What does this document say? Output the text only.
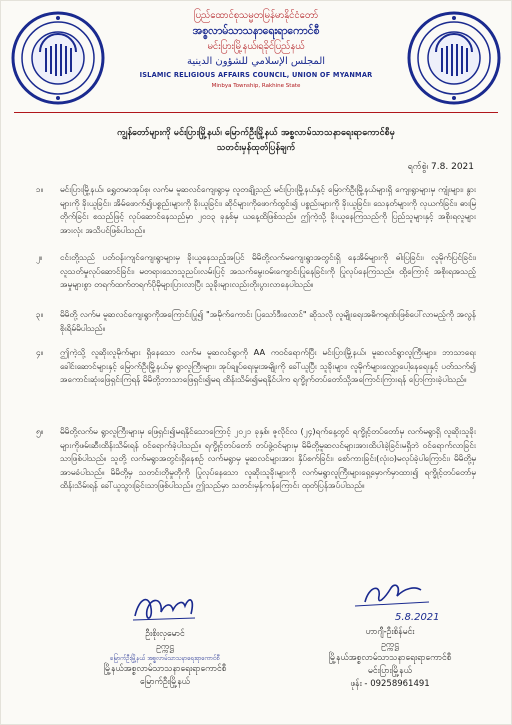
ပြည်ထောင်စုသမ္မတမြန်မာနိုင်ငံတော်
အစ္စလာမ်သာသနာရေးရာကောင်စီ
မင်းပြားမြို့နယ်၊ရခိုင်ပြည်နယ်
المجلس الإسلامي للشؤون الدينية
ISLAMIC RELIGIOUS AFFAIRS COUNCIL, UNION OF MYANMAR
Minbya Township, Rakhine State
ကျွန်တော်များကို မင်းပြားမြို့နယ်၊ မြောက်ဦးမြို့နယ် အစ္စလာမ်သာသနာရေးရာကောင်စီမှ
သတင်းမှန်ထုတ်ပြန်ချက်
ရက်စွဲ၊ 7.8. 2021
၁။ မင်းပြားမြို့နယ်၊ ရွှေတမာအုပ်စု၊ လက်မ မူဆလင်ကျေးရွာမှ လူတချို့သည် မင်းပြားမြို့နယ်နှင့် မြောက်ဦးမြို့နယ်များရှိ ကျေးရွာများမှ ကျုံးများ၊ နွားများကို ခိုးယူခြင်း၊ အိမ်ဖောက်၍ပစ္စည်းများကို ခိုးယူခြင်း၊ ဆိုင်များကိုဖောက်ထွင်း၍ ပစ္စည်းများကို ခိုးယူခြင်း၊ သေနတ်များကို လုယက်ခြင်း၊ ဓားမြတိုက်ခြင်း စသည်ဖြင့် လုပ်ဆောင်နေသည်မှာ ၂၀၁၃ ခုနှစ်မှ ယနေ့ထိဖြစ်သည်။ ဤကဲ့သို့ ခိုးယူနေကြသည်ကို ပြည်သူများနှင့် အစိုးရလူများအားလုံး အသိပင်ဖြစ်ပါသည်။
၂။ ငင်းတို့သည် ပတ်ဝန်းကျင်ကျေးရွာများမှ ခိုးယူနေသည့်အပြင် မိမိတို့လက်မကျေးရွာအတွင်းရှိ နေအိမ်များကို ဓါးပြခြင်း၊ လူမိုက်ပြင်ခြင်း၊ လူသတ်မှုလုပ်ဆောင်ခြင်း၊ မတရားသောသူညပ်းလမ်းပြင့် အသက်မွေးဝမ်းကျောင်းပြုနေခြင်းကို ပြုလုပ်နေကြသည်။ ထို့ကြောင့် အစိုးရအသည့်အမှုများစွာ တရက်ထက်တရက်ပိုမိုများပြားလာပြီး သူခိုးများလည်းတိုးပွားလာနေပါသည်။
၃။ မိမိတို့ လက်မ မူဆလင်ကျေးရွာကိုအကြောင်းပြု၍ "အမိုက်ကောင်း ပြသော်ဒီးလောင်" ဆိုသလို လူမျိုးရေးအဓိကရုဏ်းဖြစ်ပေါ်လာမည့်ကို အလွန်စိုးရိမ်မိပါသည်။
၄။ ဤကဲ့သို့ လူဆိုးလူမိုက်များ ရှိနေသော လက်မ မူဆလင်ရွာကို AA ကဝင်ရောက်ပြီး မင်းပြားမြို့နယ်၊ မူဆလင်ရွာလူကြီးများ၊ ဘာသာရေးခေါင်းဆောင်များနှင့် မြောက်ဦးမြို့နယ်မှ ရွာလူကြီးများ၊ အုပ်ချုပ်ရေးမှုးအမျိုးကို ခေါ်ယူပြီး သူခိုးများ၊ လူမိုက်များလျှော့ပေါ့နေရေးနှင့် ပတ်သက်၍ အကောင်းဆုံးဖြေရှင်းကြရန် မိမိတို့ဘာသာဖြေရှင်း၍မရ ထိန်းသိမ်း၍မရနိုင်ပါက ရက္ခိုက်တပ်တော်သို့အကြောင်းကြားရန် ပြောကြားခဲ့ပါသည်။
၅။ မိမိတို့လက်မ ရွာလူကြီးများမှ ဖြေရှင်း၍မရနိုင်သောကြောင့် ၂၀၂၁ ခုနှစ်၊ ဇူလိုင်လ (၂၄)ရက်နေ့တွင် ရက္ခိုင့်တပ်တော်မှ လက်မရွာရှိ လူဆိုးသူခိုးများကိုဖမ်းဆီးထိန်းသိမ်းရန် ဝင်ရောက်ခဲ့ပါသည်။ ရက္ခိုင့်တပ်တော် တပ်ဖွဲ့ဝင်များမှ မိမိတို့မူဆလင်များအားထိပါးခဲ့ခြင်းမရှိဘဲ ဝင်ရောက်လာခြင်းသာဖြစ်ပါသည်။ သူတို့ လက်မရွာအတွင်းရှိနေစဉ် လက်မရွာမှ မူဆလင်များအား နှိပ်စက်ခြင်း၊ စော်ကားခြင်း(လုံးဝ)မလုပ်ခဲ့ပါကြောင်း၊ မိမိတို့မှ အာမခံပါသည်။ မိမိတို့မှ သတင်းတိုမှုတိုကို ပြုလုပ်နေသော လူဆိုးသူခိုးများကို လက်မရွာလူကြီးများရှေ့မှောက်မှာထား၍ ရက္ခိုင့်တပ်တော်မှ ထိန်းသိမ်းရန် ခေါ်ယူသွားခြင်းသာဖြစ်ပါသည်။ ဤသည်မှာ သတင်းမှန်ကန်ကြောင်း ထုတ်ပြန်အပ်ပါသည်။
ဦးစိုးလှမောင်
ဥက္ကဋ္ဌ
မြောက်ဦးမြို့နယ် အစ္စလာမ်သာသနာရေးရာကောင်စီ
မြို့နယ်အစ္စလာမ်သာသနာရေးရာကောင်စီ
မြောက်ဦးမြို့နယ်
5.8.2021
ဟာဂျီ-ဦးစိန်မင်း
ဥက္ကဋ္ဌ
မြို့နယ်အစ္စလာမ်သာသနာရေးရာကောင်စီ
မင်းပြားမြို့နယ်
ဖုန်း - 09258961491
